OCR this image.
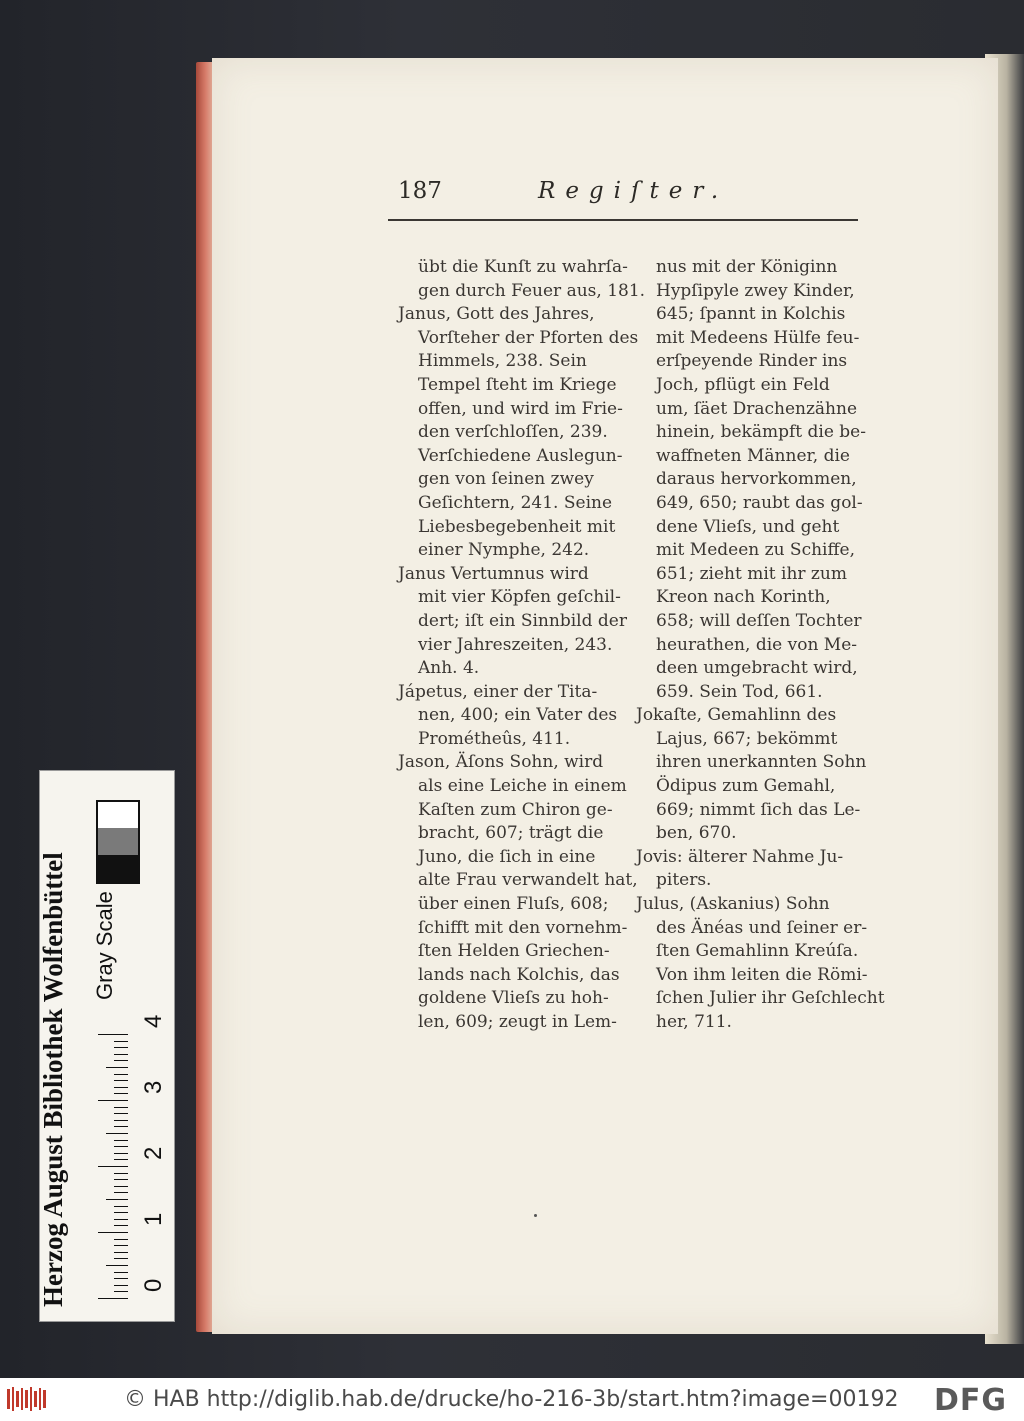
187	Regiſter.
übt die Kunſt zu wahrſa-
gen durch Feuer aus, 181.
Janus, Gott des Jahres,
Vorſteher der Pforten des
Himmels, 238. Sein
Tempel ſteht im Kriege
offen, und wird im Frie-
den verſchloſſen, 239.
Verſchiedene Auslegun-
gen von ſeinen zwey
Geſichtern, 241. Seine
Liebesbegebenheit mit
einer Nymphe, 242.
Janus Vertumnus wird
mit vier Köpfen geſchil-
dert; iſt ein Sinnbild der
vier Jahreszeiten, 243.
Anh. 4.
Jápetus, einer der Tita-
nen, 400; ein Vater des
Prométheûs, 411.
Jason, Äſons Sohn, wird
als eine Leiche in einem
Kaſten zum Chiron ge-
bracht, 607; trägt die
Juno, die ſich in eine
alte Frau verwandelt hat,
über einen Fluſs, 608;
ſchifft mit den vornehm-
ſten Helden Griechen-
lands nach Kolchis, das
goldene Vlieſs zu hoh-
len, 609; zeugt in Lem-
nus mit der Königinn
Hypſipyle zwey Kinder,
645; ſpannt in Kolchis
mit Medeens Hülfe feu-
erſpeyende Rinder ins
Joch, pflügt ein Feld
um, ſäet Drachenzähne
hinein, bekämpft die be-
waffneten Männer, die
daraus hervorkommen,
649, 650; raubt das gol-
dene Vlieſs, und geht
mit Medeen zu Schiffe,
651; zieht mit ihr zum
Kreon nach Korinth,
658; will deſſen Tochter
heurathen, die von Me-
deen umgebracht wird,
659. Sein Tod, 661.
Jokaſte, Gemahlinn des
Lajus, 667; bekömmt
ihren unerkannten Sohn
Ödipus zum Gemahl,
669; nimmt ſich das Le-
ben, 670.
Jovis: älterer Nahme Ju-
piters.
Julus, (Askanius) Sohn
des Änéas und ſeiner er-
ſten Gemahlinn Kreúſa.
Von ihm leiten die Römi-
ſchen Julier ihr Geſchlecht
her, 711.
Herzog August Bibliothek Wolfenbüttel Gray Scale
0
1
2
3
4
© HAB http://diglib.hab.de/drucke/ho-216-3b/start.htm?image=00192 DFG
